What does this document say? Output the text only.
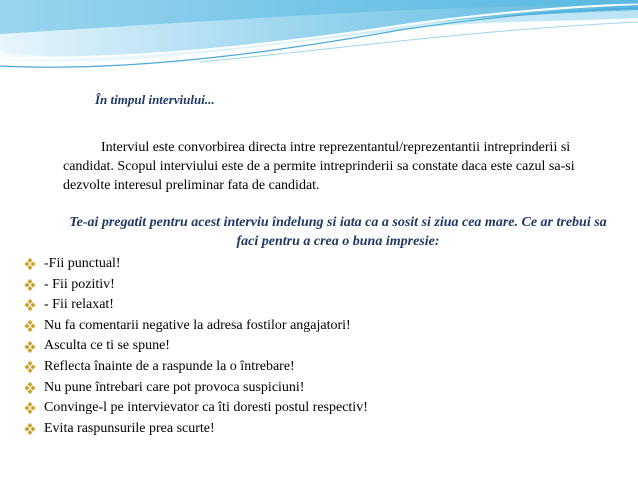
În timpul interviului...
Interviul este convorbirea directa intre reprezentantul/reprezentantii intreprinderii si candidat. Scopul interviului este de a permite intreprinderii sa constate daca este cazul sa-si dezvolte interesul preliminar fata de candidat.
Te-ai pregatit pentru acest interviu îndelung si iata ca a sosit si ziua cea mare. Ce ar trebui sa faci pentru a crea o buna impresie:
-Fii punctual!
- Fii pozitiv!
- Fii relaxat!
Nu fa comentarii negative la adresa fostilor angajatori!
Asculta ce ti se spune!
Reflecta înainte de a raspunde la o întrebare!
Nu pune întrebari care pot provoca suspiciuni!
Convinge-l pe intervievator ca îti doresti postul respectiv!
Evita raspunsurile prea scurte!
